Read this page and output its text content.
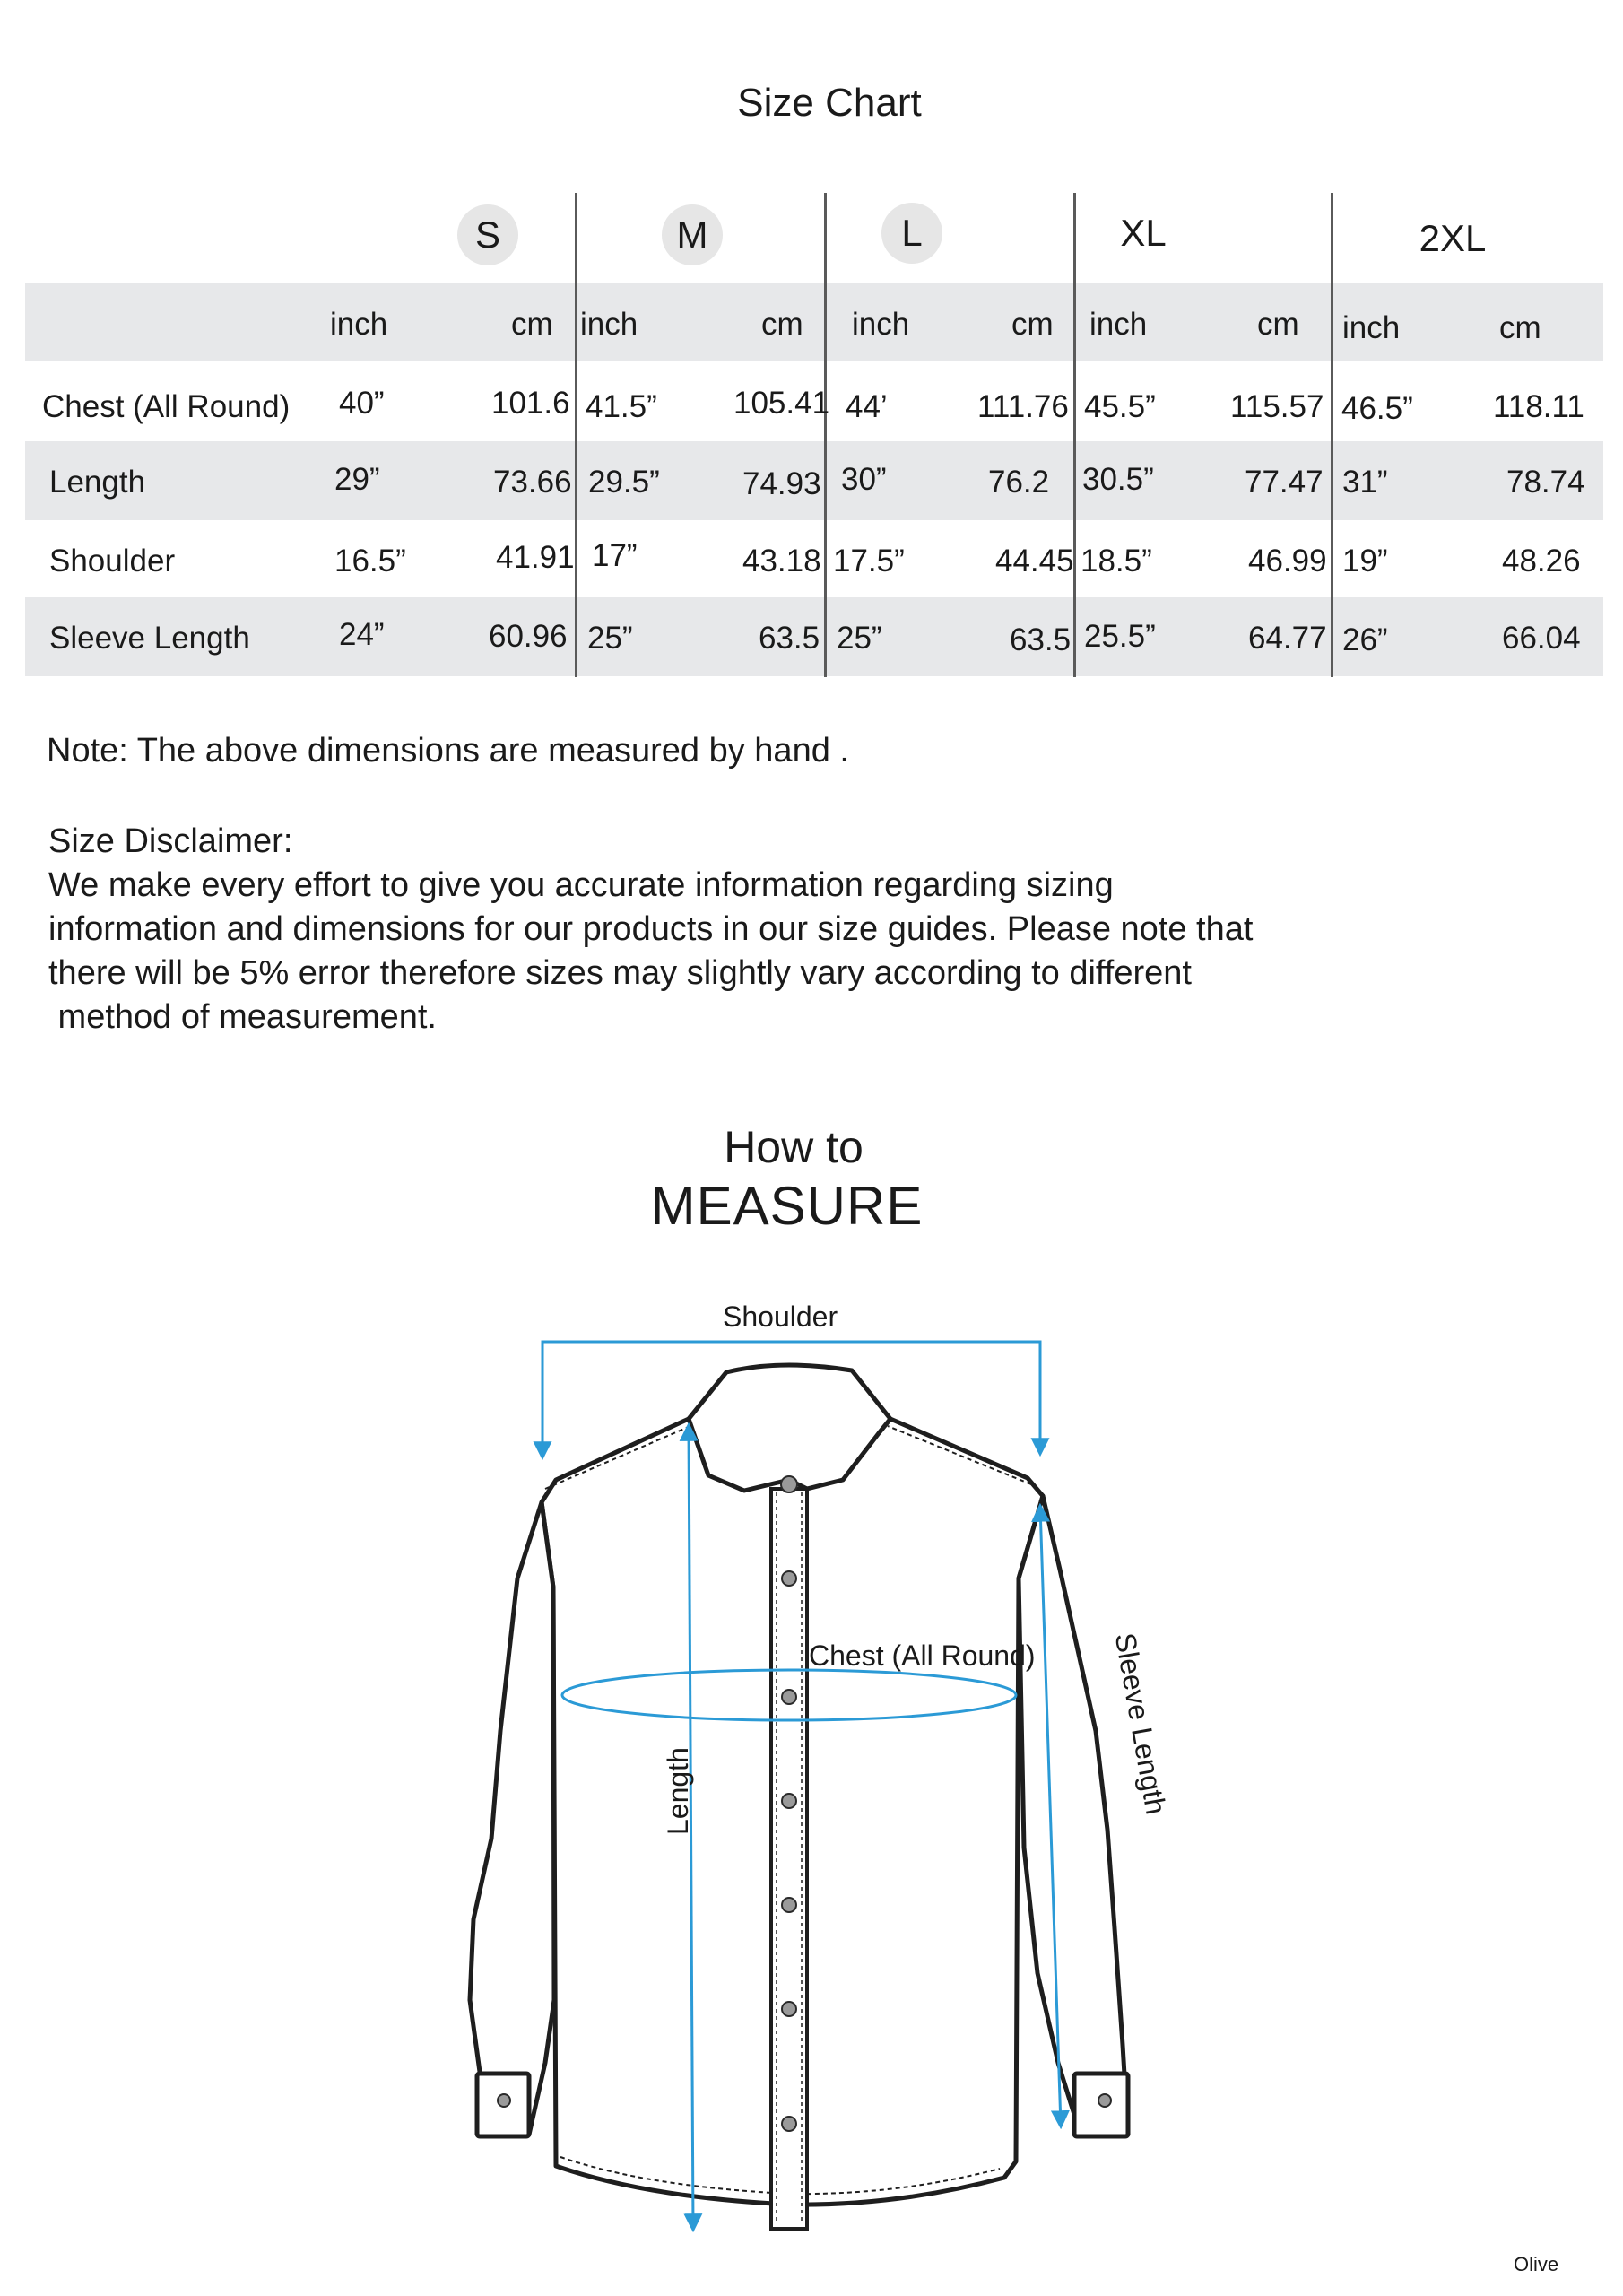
Size Chart
S	M	L	XL	2XL
inch	cm inch	cm inch	cm inch	cm inch	cm
Chest (All Round) 40”	101.6 41.5” 105.41 44’	111.76 45.5” 115.57 46.5”	118.11
Length	29”	73.66 29.5”	74.93 30”	76.2 30.5”	77.47 31”	78.74
Shoulder	16.5”	41.91 17”	43.18 17.5”	44.45 18.5”	46.99 19”	48.26
Sleeve Length	24”	60.96 25”	63.5 25”	63.5 25.5”	64.77 26”	66.04
Note: The above dimensions are measured by hand .
Size Disclaimer:
We make every effort to give you accurate information regarding sizing
information and dimensions for our products in our size guides. Please note that
there will be 5% error therefore sizes may slightly vary according to different
method of measurement.
How to
MEASURE
Shoulder
Chest (All Round)
Length	Sleeve Length
Olive
